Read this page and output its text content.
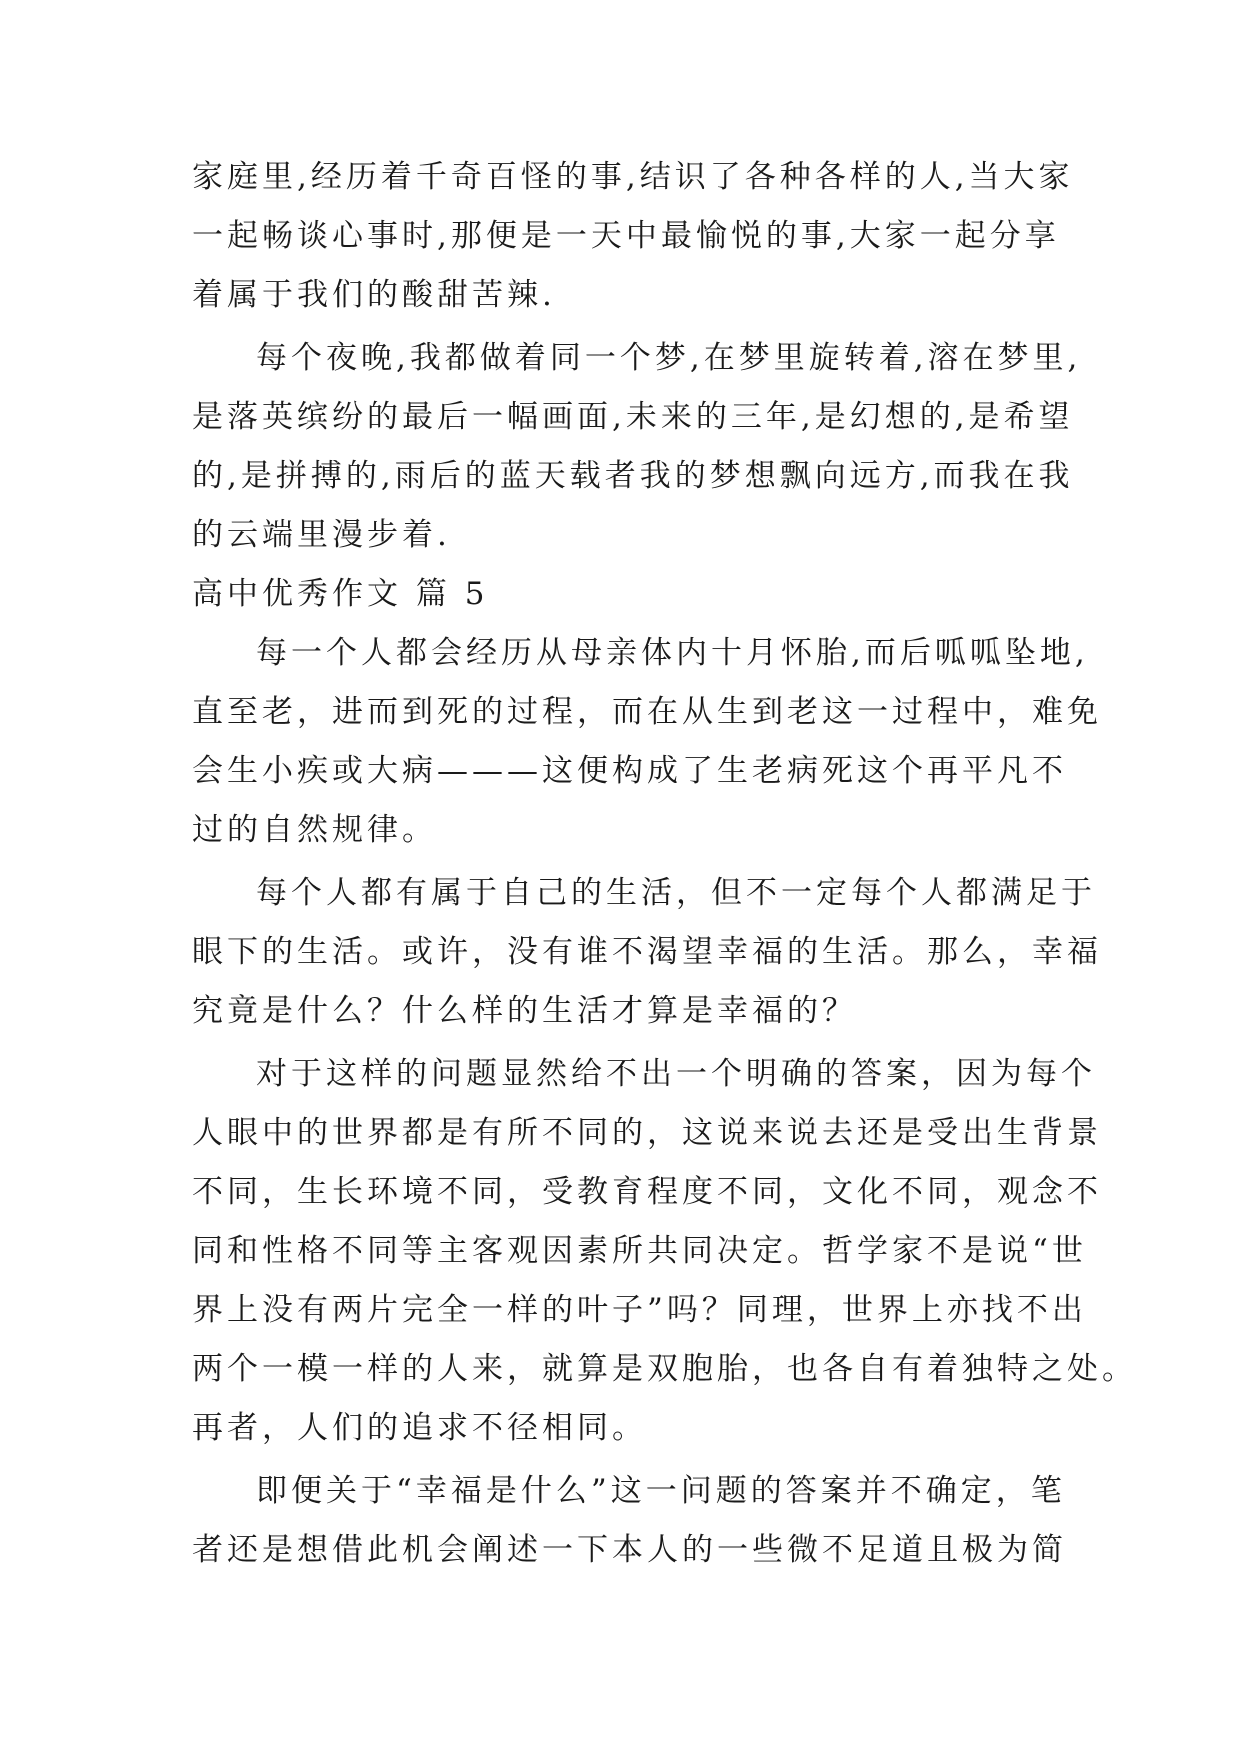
家庭里,经历着千奇百怪的事,结识了各种各样的人,当大家
一起畅谈心事时,那便是一天中最愉悦的事,大家一起分享
着属于我们的酸甜苦辣.
每个夜晚,我都做着同一个梦,在梦里旋转着,溶在梦里,
是落英缤纷的最后一幅画面,未来的三年,是幻想的,是希望
的,是拼搏的,雨后的蓝天载者我的梦想飘向远方,而我在我
的云端里漫步着.
高中优秀作文 篇 5
每一个人都会经历从母亲体内十月怀胎,而后呱呱坠地,
直至老，进而到死的过程，而在从生到老这一过程中，难免
会生小疾或大病———这便构成了生老病死这个再平凡不
过的自然规律。
每个人都有属于自己的生活，但不一定每个人都满足于
眼下的生活。或许，没有谁不渴望幸福的生活。那么，幸福
究竟是什么？什么样的生活才算是幸福的？
对于这样的问题显然给不出一个明确的答案，因为每个
人眼中的世界都是有所不同的，这说来说去还是受出生背景
不同，生长环境不同，受教育程度不同，文化不同，观念不
同和性格不同等主客观因素所共同决定。哲学家不是说“世
界上没有两片完全一样的叶子”吗？同理，世界上亦找不出
两个一模一样的人来，就算是双胞胎，也各自有着独特之处。
再者，人们的追求不径相同。
即便关于“幸福是什么”这一问题的答案并不确定，笔
者还是想借此机会阐述一下本人的一些微不足道且极为简
